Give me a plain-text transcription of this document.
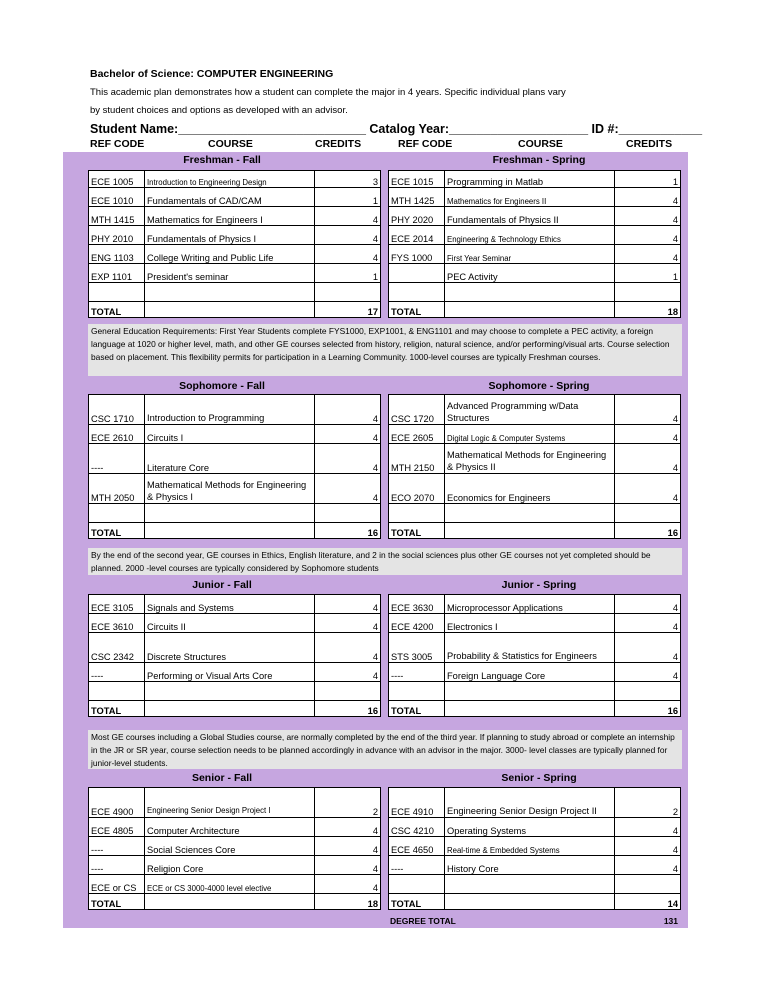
Bachelor of Science: COMPUTER ENGINEERING
This academic plan demonstrates how a student can complete the major in 4 years. Specific individual plans vary
by student choices and options as developed with an advisor.
Student Name:___________________________ Catalog Year:____________________ ID #:____________
REF CODE	COURSE	CREDITS	REF CODE	COURSE	CREDITS
Freshman - Fall	Freshman - Spring
ECE 1005	Introduction to Engineering Design	3
ECE 1010	Fundamentals of CAD/CAM	1
MTH 1415	Mathematics for Engineers I	4
PHY 2010	Fundamentals of Physics I	4
ENG 1103	College Writing and Public Life	4
EXP 1101	President's seminar	1

TOTAL		17
ECE 1015	Programming in Matlab	1
MTH 1425	Mathematics for Engineers II	4
PHY 2020	Fundamentals of Physics II	4
ECE 2014	Engineering & Technology Ethics	4
FYS 1000	First Year Seminar	4
	PEC Activity	1

TOTAL		18
General Education Requirements: First Year Students complete FYS1000, EXP1001, & ENG1101 and may choose to complete a PEC activity, a foreign language at 1020 or higher level, math, and other GE courses selected from history, religion, natural science, and/or performing/visual arts. Course selection based on placement. This flexibility permits for participation in a Learning Community. 1000-level courses are typically Freshman courses.
Sophomore - Fall	Sophomore - Spring
CSC 1710	Introduction to Programming	4
ECE 2610	Circuits I	4
----	Literature Core	4
MTH 2050	Mathematical Methods for Engineering & Physics I	4

TOTAL		16
CSC 1720	Advanced Programming w/Data Structures	4
ECE 2605	Digital Logic & Computer Systems	4
MTH 2150	Mathematical Methods for Engineering & Physics II	4
ECO 2070	Economics for Engineers	4

TOTAL		16
By the end of the second year, GE courses in Ethics, English literature, and 2 in the social sciences plus other GE courses not yet completed should be planned. 2000 -level courses are typically considered by Sophomore students
Junior - Fall	Junior - Spring
ECE 3105	Signals and Systems	4
ECE 3610	Circuits II	4
CSC 2342	Discrete Structures	4
----	Performing or Visual Arts Core	4

TOTAL		16
ECE 3630	Microprocessor Applications	4
ECE 4200	Electronics I	4
STS 3005	Probability & Statistics for Engineers	4
----	Foreign Language Core	4

TOTAL		16
Most GE courses including a Global Studies course, are normally completed by the end of the third year. If planning to study abroad or complete an internship in the JR or SR year, course selection needs to be planned accordingly in advance with an advisor in the major. 3000- level classes are typically planned for junior-level students.
Senior - Fall	Senior - Spring
ECE 4900	Engineering Senior Design Project I	2
ECE 4805	Computer Architecture	4
----	Social Sciences Core	4
----	Religion Core	4
ECE or CS	ECE or CS 3000-4000 level elective	4
TOTAL		18
ECE 4910	Engineering Senior Design Project II	2
CSC 4210	Operating Systems	4
ECE 4650	Real-time & Embedded Systems	4
----	History Core	4

TOTAL		14
DEGREE TOTAL	131
